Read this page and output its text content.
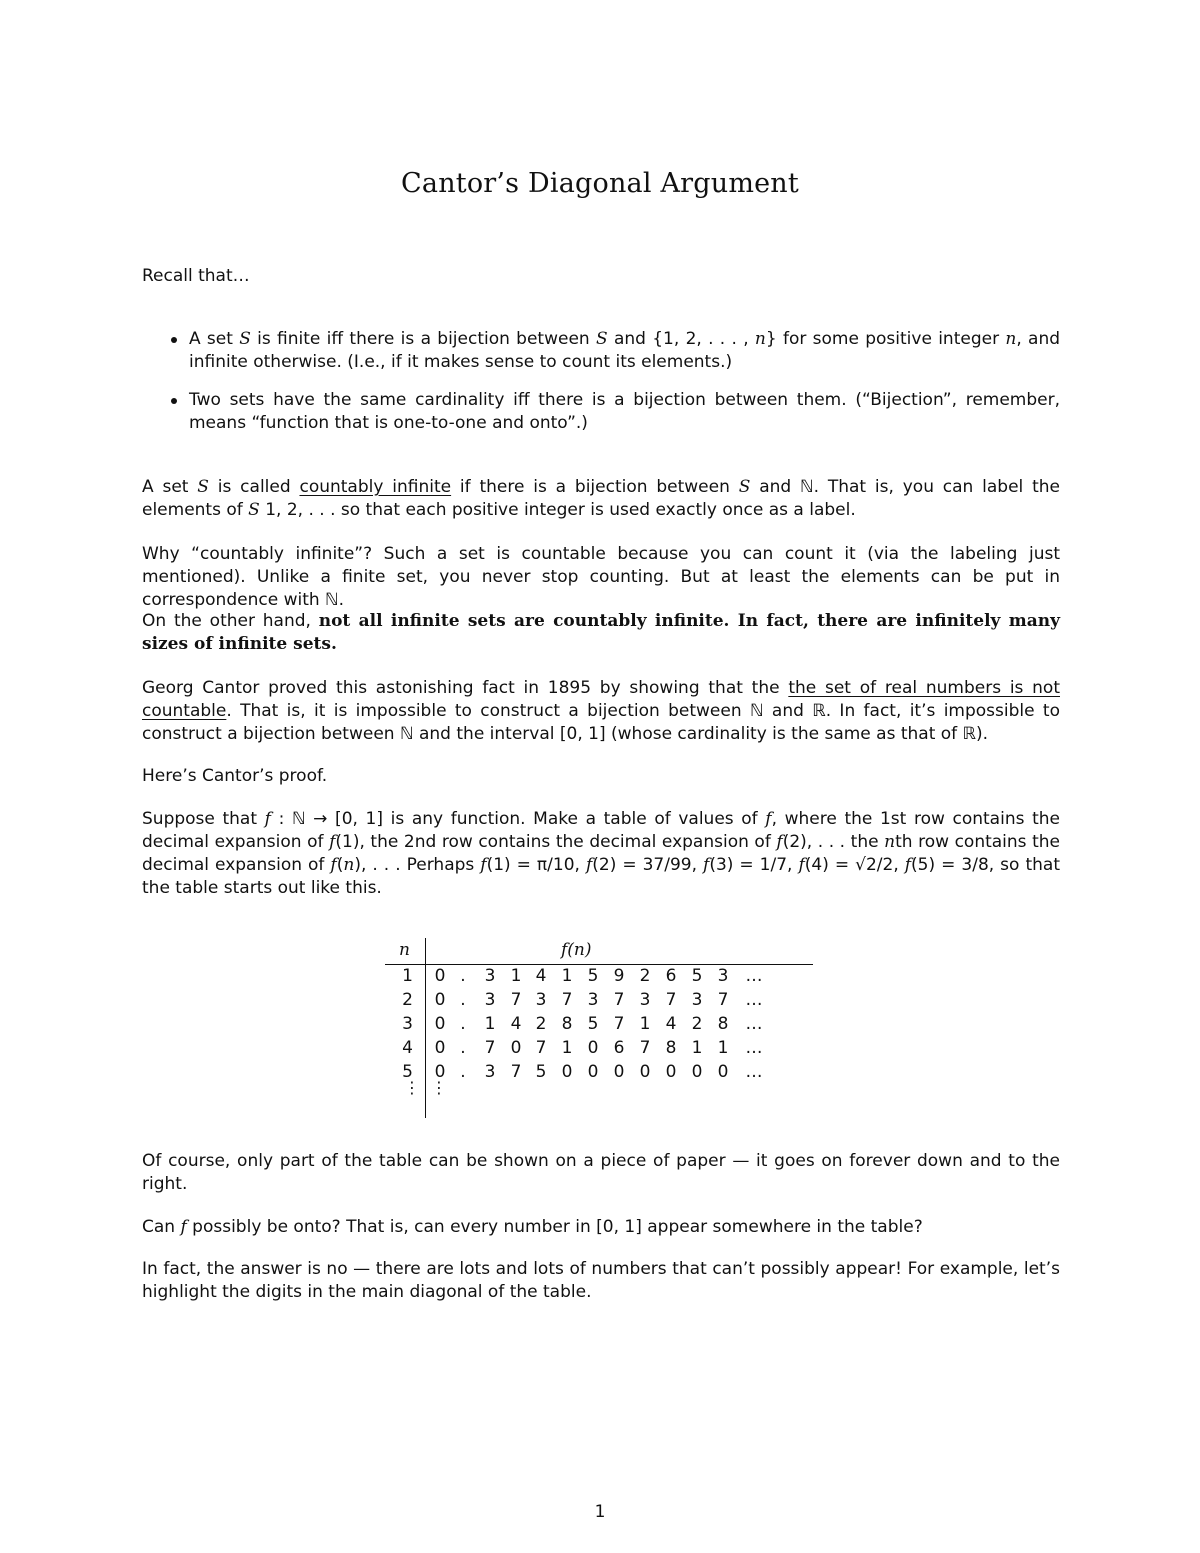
Cantor’s Diagonal Argument

Recall that…

A set S is finite iff there is a bijection between S and {1, 2, . . . , n} for some positive integer n, and infinite otherwise. (I.e., if it makes sense to count its elements.)
Two sets have the same cardinality iff there is a bijection between them. (“Bijection”, remember, means “function that is one-to-one and onto”.)

A set S is called countably infinite if there is a bijection between S and ℕ. That is, you can label the elements of S 1, 2, . . . so that each positive integer is used exactly once as a label.

Why “countably infinite”? Such a set is countable because you can count it (via the labeling just mentioned). Unlike a finite set, you never stop counting. But at least the elements can be put in correspondence with ℕ.

On the other hand, not all infinite sets are countably infinite. In fact, there are infinitely many sizes of infinite sets.

Georg Cantor proved this astonishing fact in 1895 by showing that the the set of real numbers is not countable. That is, it is impossible to construct a bijection between ℕ and ℝ. In fact, it’s impossible to construct a bijection between ℕ and the interval [0, 1] (whose cardinality is the same as that of ℝ).

Here’s Cantor’s proof.

Suppose that f : ℕ → [0, 1] is any function. Make a table of values of f, where the 1st row contains the decimal expansion of f(1), the 2nd row contains the decimal expansion of f(2), . . . the nth row contains the decimal expansion of f(n), . . . Perhaps f(1) = π/10, f(2) = 37/99, f(3) = 1/7, f(4) = √2/2, f(5) = 3/8, so that the table starts out like this.

n	f(n)
1 0 .	3 1 4 1 5 9 2 6 5 3	…
2 0 .	3 7 3 7 3 7 3 7 3 7	…
3 0 .	1 4 2 8 5 7 1 4 2 8	…
4 0 .	7 0 7 1 0 6 7 8 1 1	…
5 0 .	3 7 5 0 0 0 0 0 0 0	…
⋮ ⋮

Of course, only part of the table can be shown on a piece of paper — it goes on forever down and to the right.

Can f possibly be onto? That is, can every number in [0, 1] appear somewhere in the table?

In fact, the answer is no — there are lots and lots of numbers that can’t possibly appear! For example, let’s highlight the digits in the main diagonal of the table.

1
